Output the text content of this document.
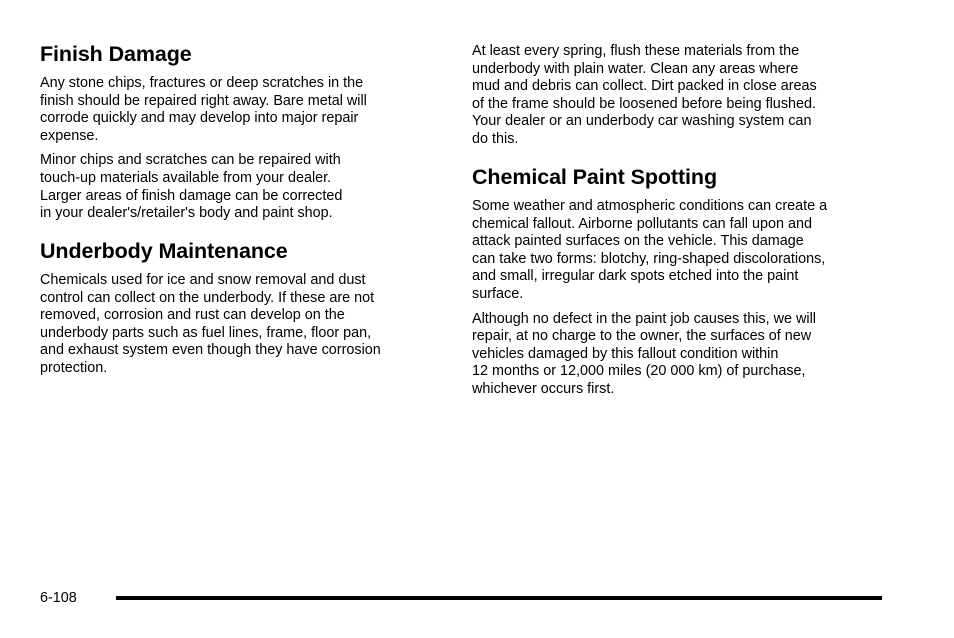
Finish Damage

Any stone chips, fractures or deep scratches in the
finish should be repaired right away. Bare metal will
corrode quickly and may develop into major repair
expense.

Minor chips and scratches can be repaired with
touch-up materials available from your dealer.
Larger areas of finish damage can be corrected
in your dealer's/retailer's body and paint shop.

Underbody Maintenance

Chemicals used for ice and snow removal and dust
control can collect on the underbody. If these are not
removed, corrosion and rust can develop on the
underbody parts such as fuel lines, frame, floor pan,
and exhaust system even though they have corrosion
protection.

At least every spring, flush these materials from the
underbody with plain water. Clean any areas where
mud and debris can collect. Dirt packed in close areas
of the frame should be loosened before being flushed.
Your dealer or an underbody car washing system can
do this.

Chemical Paint Spotting

Some weather and atmospheric conditions can create a
chemical fallout. Airborne pollutants can fall upon and
attack painted surfaces on the vehicle. This damage
can take two forms: blotchy, ring-shaped discolorations,
and small, irregular dark spots etched into the paint
surface.

Although no defect in the paint job causes this, we will
repair, at no charge to the owner, the surfaces of new
vehicles damaged by this fallout condition within
12 months or 12,000 miles (20 000 km) of purchase,
whichever occurs first.

6-108
